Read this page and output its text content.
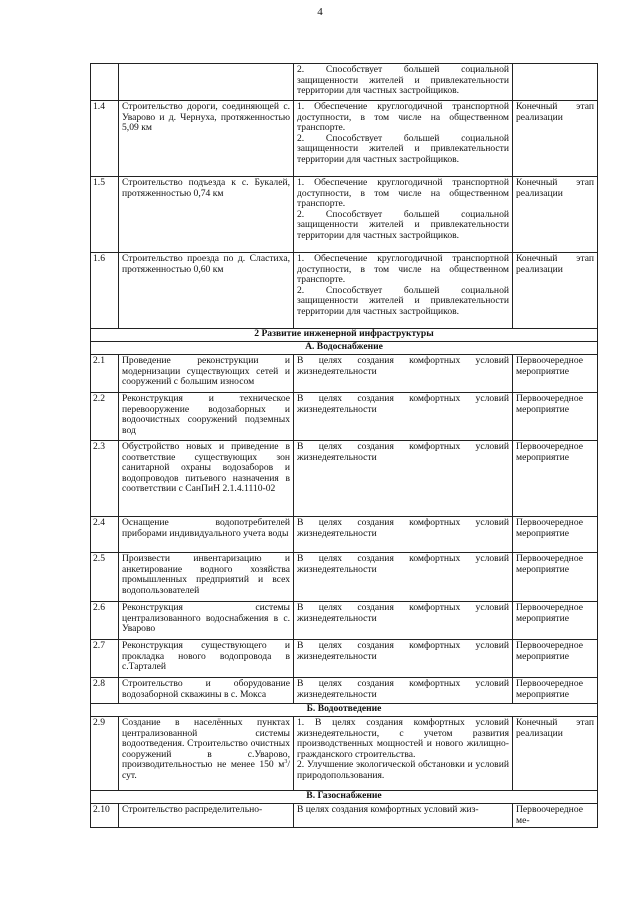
4

		2. Способствует большей социальной защищенности жителей и привлекательности территории для частных застройщиков.	

1.4	Строительство дороги, соединяющей с. Уварово и д. Чернуха, протяженностью 5,09 км	1. Обеспечение круглогодичной транспортной доступности, в том числе на общественном транспорте.
2. Способствует большей социальной защищенности жителей и привлекательности территории для частных застройщиков.	Конечный этап реализации
1.5	Строительство подъезда к с. Букалей, протяженностью 0,74 км	1. Обеспечение круглогодичной транспортной доступности, в том числе на общественном транспорте.
2. Способствует большей социальной защищенности жителей и привлекательности территории для частных застройщиков.	Конечный этап реализации
1.6	Строительство проезда по д. Сластиха, протяженностью 0,60 км	1. Обеспечение круглогодичной транспортной доступности, в том числе на общественном транспорте.
2. Способствует большей социальной защищенности жителей и привлекательности территории для частных застройщиков.	Конечный этап реализации
2 Развитие инженерной инфраструктуры			
А. Водоснабжение			
2.1	Проведение реконструкции и модернизации существующих сетей и сооружений с большим износом	В целях создания комфортных условий жизнедеятельности	Первоочередное мероприятие
2.2	Реконструкция и техническое перевооружение водозаборных и водоочистных сооружений подземных вод	В целях создания комфортных условий жизнедеятельности	Первоочередное мероприятие
2.3	Обустройство новых и приведение в соответствие существующих зон санитарной охраны водозаборов и водопроводов питьевого назначения в соответствии с СанПиН 2.1.4.1110-02	В целях создания комфортных условий жизнедеятельности	Первоочередное мероприятие
2.4	Оснащение водопотребителей приборами индивидуального учета воды	В целях создания комфортных условий жизнедеятельности	Первоочередное мероприятие
2.5	Произвести инвентаризацию и анкетирование водного хозяйства промышленных предприятий и всех водопользователей	В целях создания комфортных условий жизнедеятельности	Первоочередное мероприятие
2.6	Реконструкция системы централизованного водоснабжения в с. Уварово	В целях создания комфортных условий жизнедеятельности	Первоочередное мероприятие
2.7	Реконструкция существующего и прокладка нового водопровода в с.Тарталей	В целях создания комфортных условий жизнедеятельности	Первоочередное мероприятие
2.8	Строительство и оборудование водозаборной скважины в с. Мокса	В целях создания комфортных условий жизнедеятельности	Первоочередное мероприятие
Б. Водоотведение			
2.9	Создание в населённых пунктах централизованной системы водоотведения. Строительство очистных сооружений в с.Уварово, производительностью не менее 150 $м^3$/сут.	1. В целях создания комфортных условий жизнедеятельности, с учетом развития производственных мощностей и нового жилищно-гражданского строительства.
2. Улучшение экологической обстановки и условий природопользования.	Конечный этап реализации
В. Газоснабжение			
2.10	Строительство распределительно-	В целях создания комфортных условий жиз-	Первоочередное ме-
